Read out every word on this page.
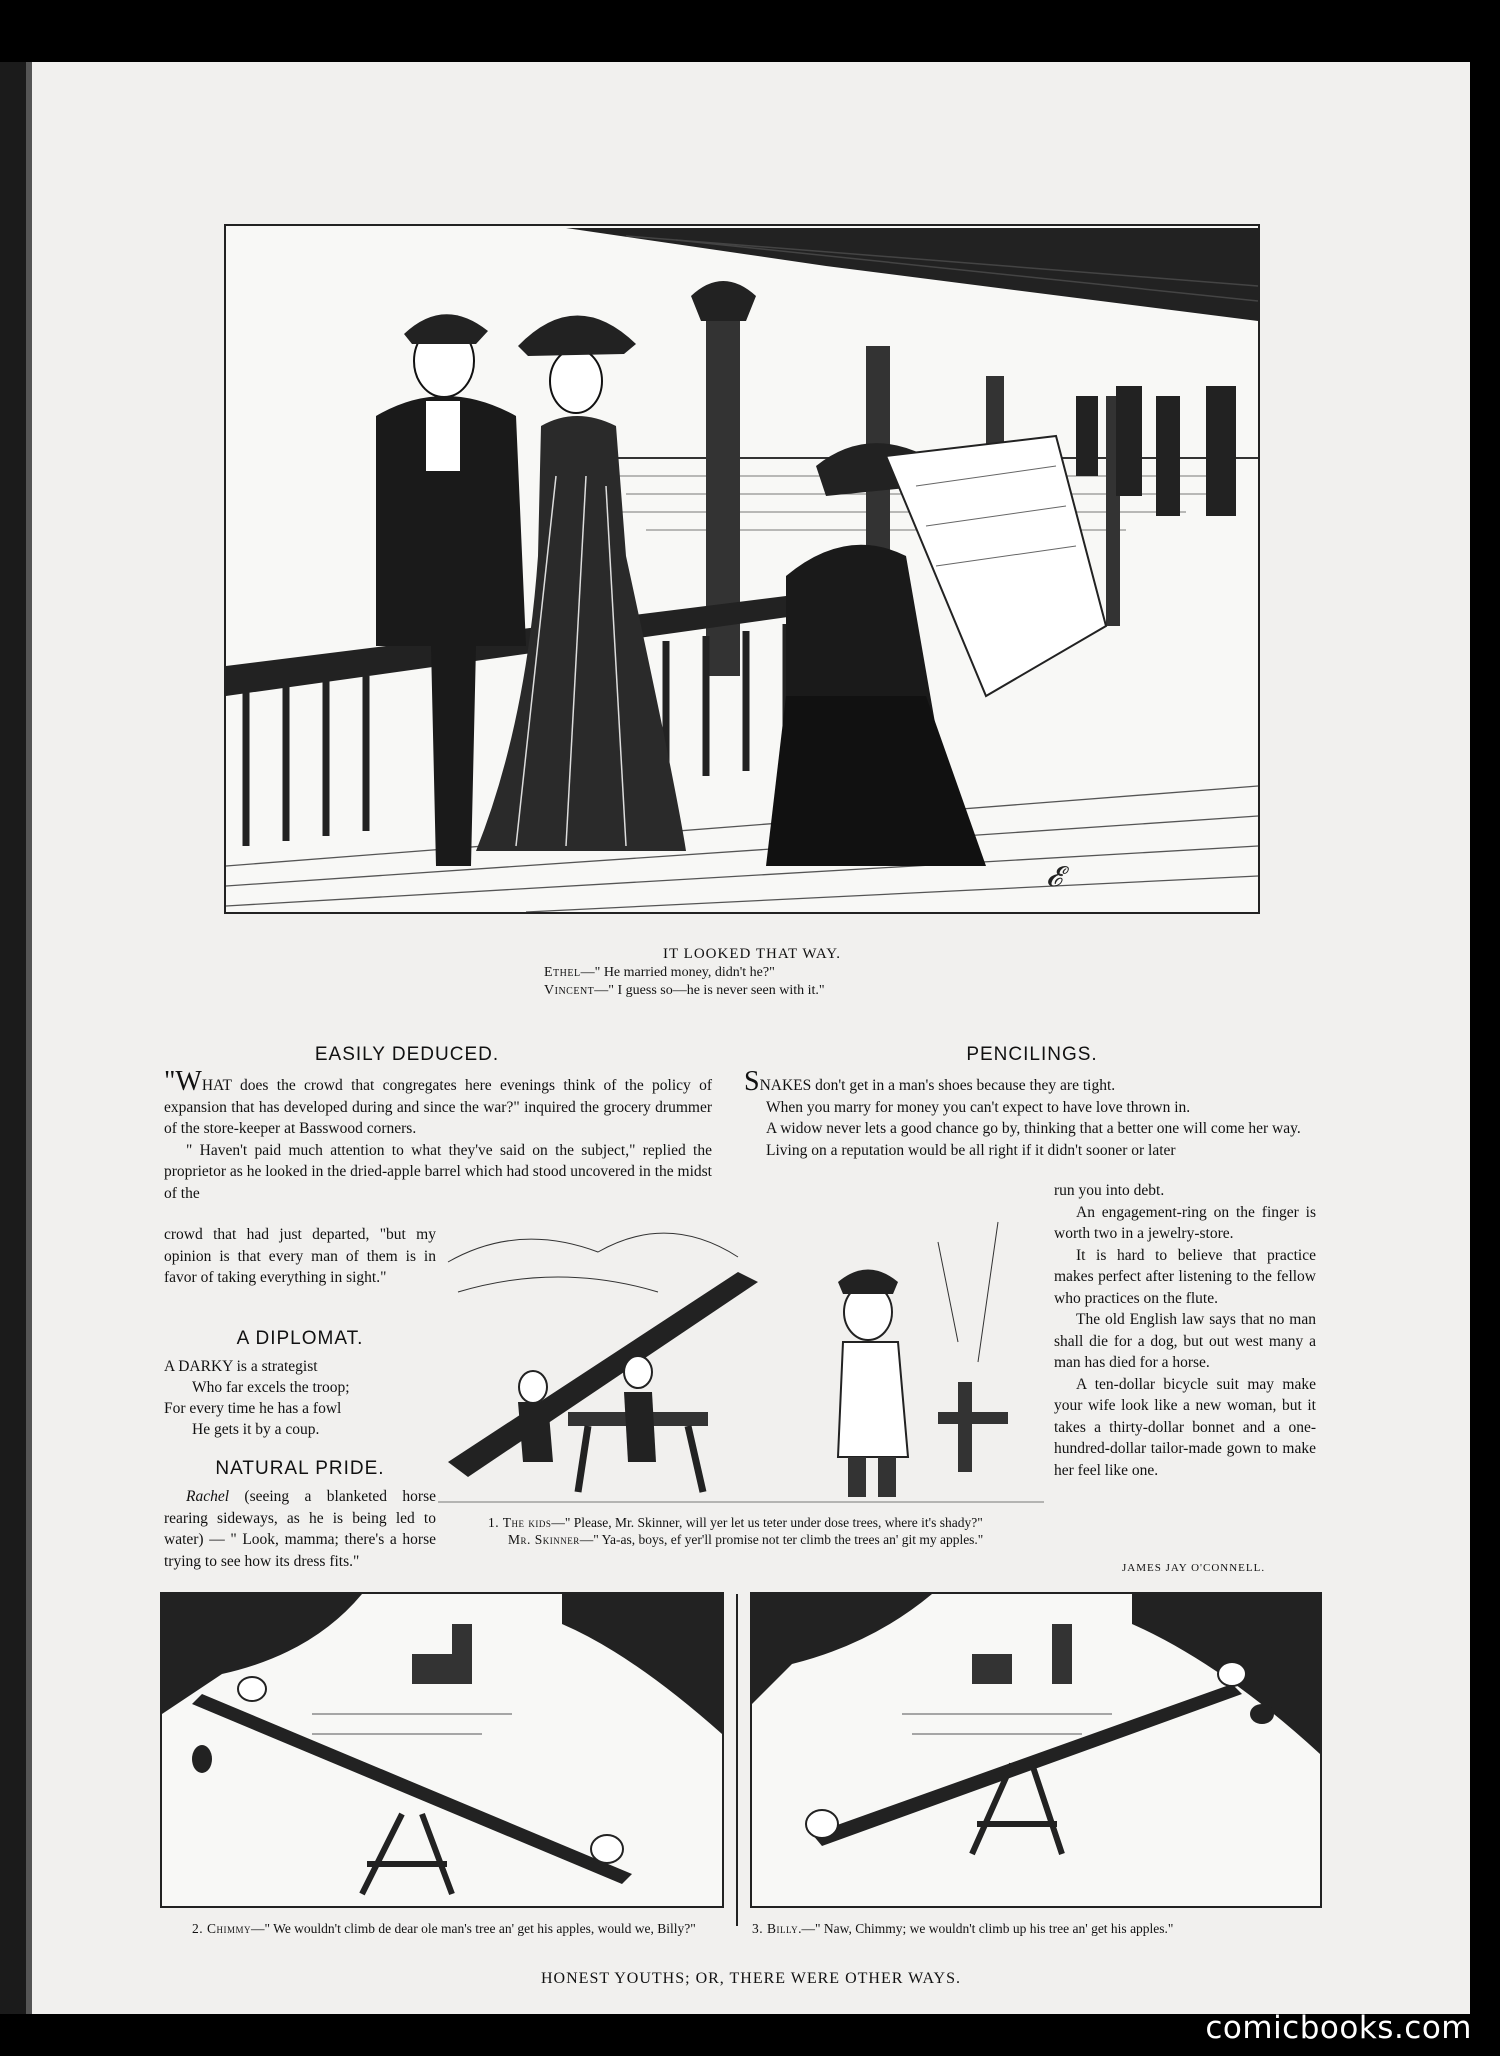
𝓔
IT LOOKED THAT WAY.
Ethel—" He married money, didn't he?"
Vincent—" I guess so—he is never seen with it."
EASILY DEDUCED.

"WHAT does the crowd that congregates here evenings think of the policy of expansion that has developed during and since the war?" inquired the grocery drummer of the store-keeper at Basswood corners.

" Haven't paid much attention to what they've said on the subject," replied the proprietor as he looked in the dried-apple barrel which had stood uncovered in the midst of the

crowd that had just departed, "but my opinion is that every man of them is in favor of taking everything in sight."

A DIPLOMAT.
A DARKY is a strategist
Who far excels the troop;
For every time he has a fowl
He gets it by a coup.
NATURAL PRIDE.

Rachel (seeing a blanketed horse rearing sideways, as he is being led to water) — " Look, mamma; there's a horse trying to see how its dress fits."

PENCILINGS.

SNAKES don't get in a man's shoes because they are tight.

When you marry for money you can't expect to have love thrown in.

A widow never lets a good chance go by, thinking that a better one will come her way.

Living on a reputation would be all right if it didn't sooner or later

run you into debt.

An engagement-ring on the finger is worth two in a jewelry-store.

It is hard to believe that practice makes perfect after listening to the fellow who practices on the flute.

The old English law says that no man shall die for a dog, but out west many a man has died for a horse.

A ten-dollar bicycle suit may make your wife look like a new woman, but it takes a thirty-dollar bonnet and a one-hundred-dollar tailor-made gown to make her feel like one.

JAMES JAY O'CONNELL.
1. The kids—" Please, Mr. Skinner, will yer let us teter under dose trees, where it's shady?"
Mr. Skinner—" Ya-as, boys, ef yer'll promise not ter climb the trees an' git my apples."
2. Chimmy—" We wouldn't climb de dear ole man's tree an' get his apples, would we, Billy?"	3. Billy.—" Naw, Chimmy; we wouldn't climb up his tree an' get his apples."
HONEST YOUTHS; OR, THERE WERE OTHER WAYS.
comicbooks.com
